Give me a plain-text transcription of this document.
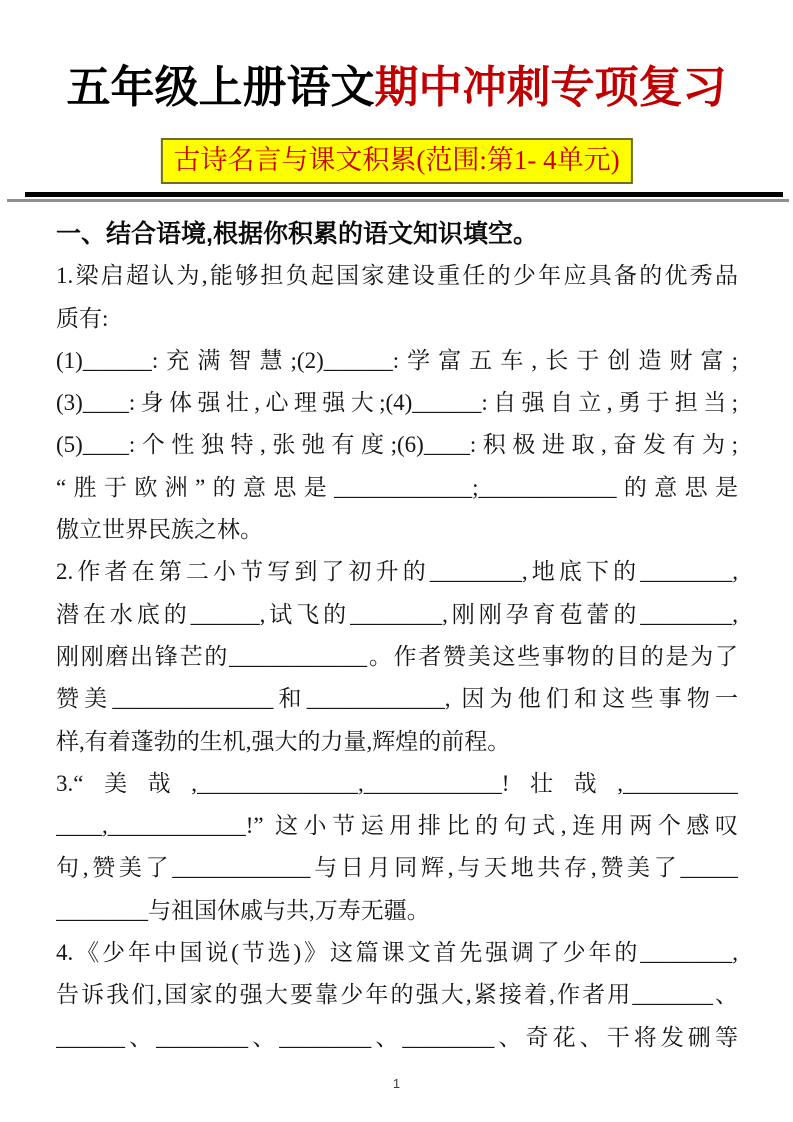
五年级上册语文期中冲刺专项复习
古诗名言与课文积累(范围:第1- 4单元)
一、结合语境,根据你积累的语文知识填空。
1.梁启超认为,能够担负起国家建设重任的少年应具备的优秀品
质有:
(1)______:充满智慧;(2)______:学富五车,长于创造财富;
(3)____:身体强壮,心理强大;(4)______:自强自立,勇于担当;
(5)____:个性独特,张弛有度;(6)____:积极进取,奋发有为;
“胜于欧洲”的意思是____________;____________的意思是
傲立世界民族之林。
2.作者在第二小节写到了初升的________,地底下的________,
潜在水底的______,试飞的________,刚刚孕育苞蕾的________,
刚刚磨出锋芒的____________。作者赞美这些事物的目的是为了
赞美______________和____________, 因为他们和这些事物一
样,有着蓬勃的生机,强大的力量,辉煌的前程。
3.“美哉,______________,____________!壮哉,__________
____,____________!” 这小节运用排比的句式,连用两个感叹
句,赞美了____________与日月同辉,与天地共存,赞美了_____
________与祖国休戚与共,万寿无疆。
4.《少年中国说(节选)》这篇课文首先强调了少年的________,
告诉我们,国家的强大要靠少年的强大,紧接着,作者用_______、
______、________、________、________、奇花、干将发硎等
1
